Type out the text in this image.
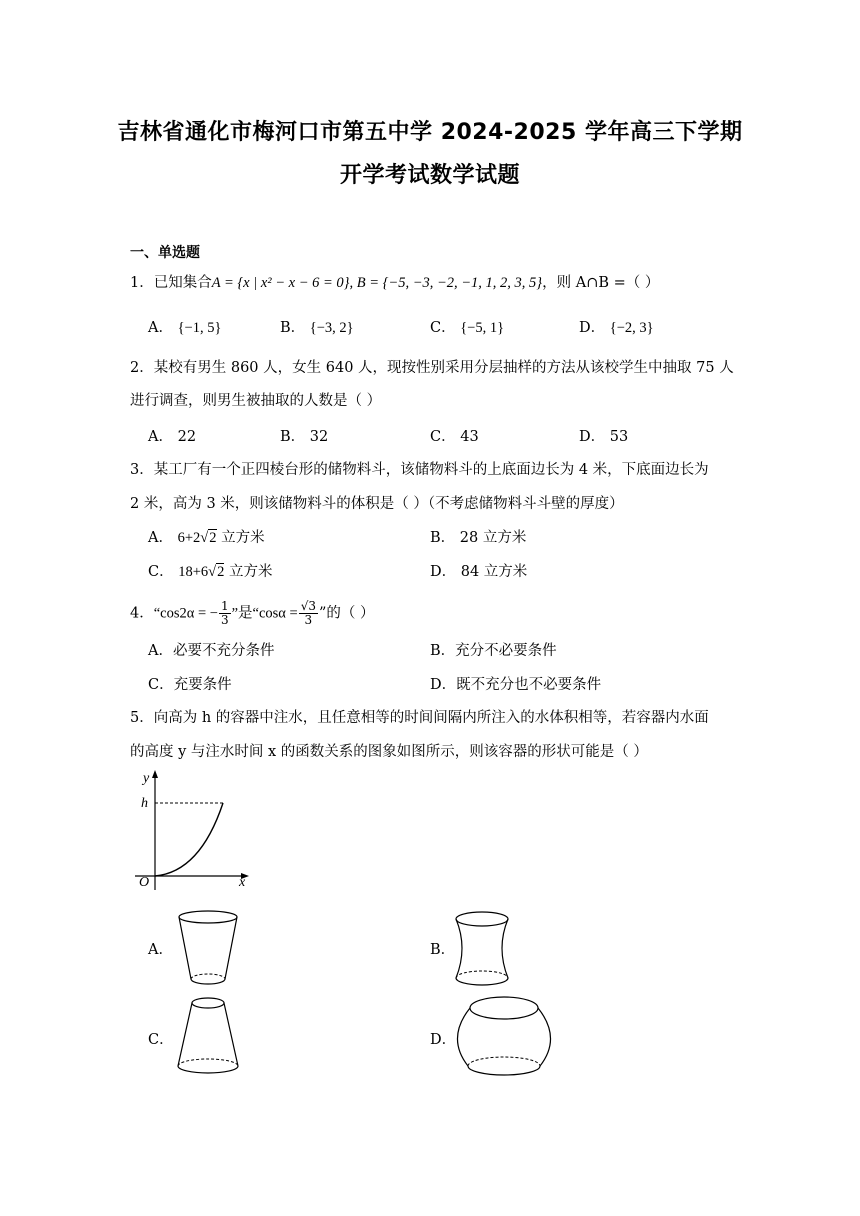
吉林省通化市梅河口市第五中学 2024-2025 学年高三下学期
开学考试数学试题
一、单选题
1．已知集合A = {x | x² − x − 6 = 0}, B = {−5, −3, −2, −1, 1, 2, 3, 5}，则 A∩B =（ ）
A． {−1, 5}	B． {−3, 2}	C． {−5, 1}	D． {−2, 3}
2．某校有男生 860 人，女生 640 人，现按性别采用分层抽样的方法从该校学生中抽取 75 人
进行调查，则男生被抽取的人数是（ ）
A． 22	B． 32	C． 43	D． 53
3．某工厂有一个正四棱台形的储物料斗，该储物料斗的上底面边长为 4 米，下底面边长为
2 米，高为 3 米，则该储物料斗的体积是（ ）（不考虑储物料斗斗壁的厚度）
A． 6+2√2 立方米	B． 28 立方米
C． 18+6√2 立方米	D． 84 立方米
4．“cos2α = − $\frac{1}{3}$ ”是“$\cos\alpha = \frac{√3}{3}$ ”的（ ）
A．必要不充分条件	B．充分不必要条件
C．充要条件	D．既不充分也不必要条件
5．向高为 h 的容器中注水，且任意相等的时间间隔内所注入的水体积相等，若容器内水面
的高度 y 与注水时间 x 的函数关系的图象如图所示，则该容器的形状可能是（ ）
y
h
O	x
A．	B．
C．	D．
